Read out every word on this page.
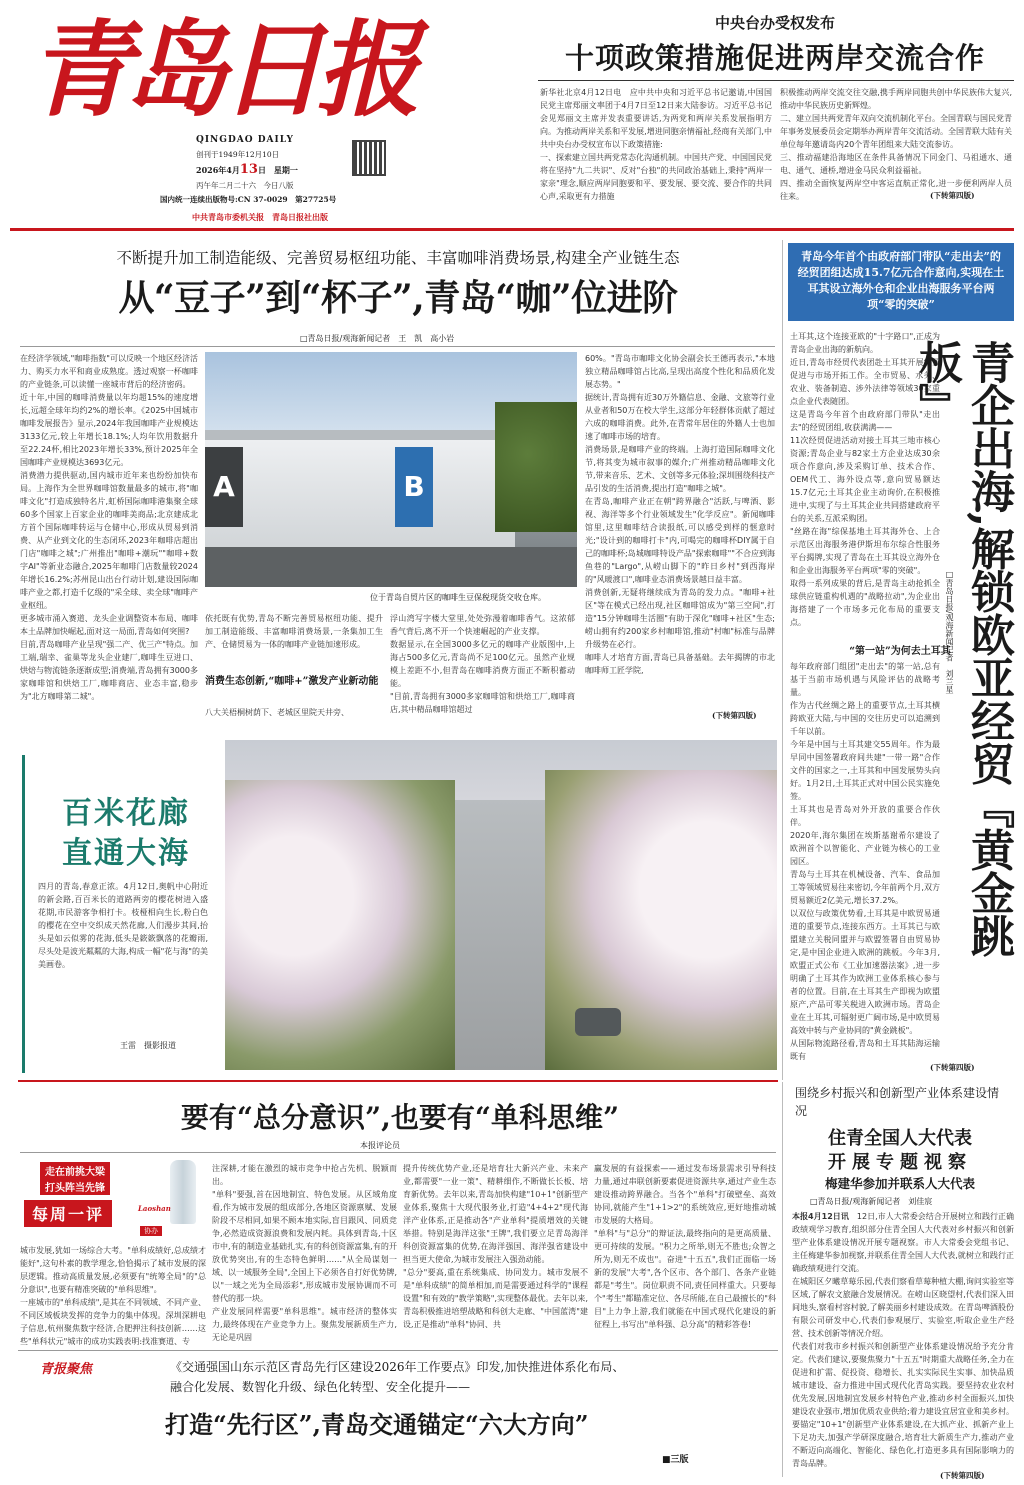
青岛日报
QINGDAO DAILY
创刊于1949年12月10日
2026年4月13日　星期一
丙午年二月二十六　今日八版
国内统一连续出版物号:CN 37-0029　第27725号
中共青岛市委机关报　青岛日报社出版
中央台办受权发布
十项政策措施促进两岸交流合作
新华社北京4月12日电　应中共中央和习近平总书记邀请,中国国民党主席郑丽文率团于4月7日至12日来大陆参访。习近平总书记会见郑丽文主席并发表重要讲话,为两党和两岸关系发展指明方向。为推动两岸关系和平发展,增进同胞亲情福祉,经商有关部门,中共中央台办受权宣布以下政策措施:
一、探索建立国共两党常态化沟通机制。中国共产党、中国国民党将在坚持"九二共识"、反对"台独"的共同政治基础上,秉持"两岸一家亲"理念,顺应两岸同胞要和平、要发展、要交流、要合作的共同心声,采取更有力措施
积极推动两岸交流交往交融,携手两岸同胞共创中华民族伟大复兴,推动中华民族历史新辉煌。
二、建立国共两党青年双向交流机制化平台。全国青联与国民党青年事务发展委员会定期举办两岸青年交流活动。全国青联大陆有关单位每年邀请岛内20个青年团组来大陆交流参访。
三、推动福建沿海地区在条件具备情况下同金门、马祖通水、通电、通气、通桥,增进金马民众利益福祉。
四、推动全面恢复两岸空中客运直航正常化,进一步便利两岸人员往来。	(下转第四版)
不断提升加工制造能级、完善贸易枢纽功能、丰富咖啡消费场景,构建全产业链生态
从“豆子”到“杯子”,青岛“咖”位进阶
□青岛日报/观海新闻记者　王　凯　高小岩
在经济学领域,"咖啡指数"可以反映一个地区经济活力、购买力水平和商业成熟度。透过观察一杯咖啡的产业链条,可以读懂一座城市背后的经济密码。
近十年,中国的咖啡消费量以年均超15%的速度增长,远超全球年均约2%的增长率。《2025中国城市咖啡发展报告》显示,2024年我国咖啡产业规模达3133亿元,较上年增长18.1%;人均年饮用数据升至22.24杯,相比2023年增长33%,预计2025年全国咖啡产业规模达3693亿元。
消费潜力提供驱动,国内城市近年来也纷纷加快布局。上海作为全世界咖啡馆数量最多的城市,将"咖啡文化"打造成独特名片,虹桥国际咖啡港集聚全球60多个国家上百家企业的咖啡美商品;北京建成北方首个国际咖啡转运与仓储中心,形成从贸易到消费、从产业到文化的生态闭环,2023年咖啡店超出门店"咖啡之城";广州推出"咖啡+潮玩""咖啡+数字AI"等新业态融合,2025年咖啡门店数量较2024年增长16.2%;苏州昆山出台行动计划,建设国际咖啡产业之都,打造千亿级的"采全球、卖全球"咖啡产业枢纽。
更多城市涌入赛道、龙头企业调整资本布局、咖啡本土品牌加快崛起,面对这一局面,青岛如何突围?
目前,青岛咖啡产业呈现"强二产、优三产"特点。加工端,瑞幸、雀巢等龙头企业建厂,咖啡生豆进口、烘焙与物流链条逐渐成型;消费端,青岛拥有3000多家咖啡馆和烘焙工厂,咖啡商店、业态丰富,稳步为"北方咖啡第二城"。
A	B
位于青岛自贸片区的咖啡生豆保税现货交收仓库。
依托既有优势,青岛不断完善贸易枢纽功能、提升加工制造能级、丰富咖啡消费场景,一条集加工生产、仓储贸易为一体的咖啡产业链加速形成。
消费生态创新,“咖啡+”激发产业新动能
八大关梧桐树荫下、老城区里院天井旁、
浮山湾写字楼大堂里,处处弥漫着咖啡香气。这浓郁香气背后,离不开一个快速崛起的产业支撑。
数据显示,在全国3000多亿元的咖啡产业版图中,上海占500多亿元,青岛尚不足100亿元。虽然产业规模上差距不小,但青岛在咖啡消费方面正不断积蓄动能。
"目前,青岛拥有3000多家咖啡馆和烘焙工厂,咖啡商店,其中精品咖啡馆超过
60%。"青岛市咖啡文化协会副会长王德再表示,"本地独立精品咖啡馆占比高,呈现出高度个性化和品质化发展态势。"
据统计,青岛拥有近30万外籍信息、金融、文旅等行业从业者和50万在校大学生,这部分年轻群体贡献了超过六成的咖啡消费。此外,在青常年居住的外籍人士也加速了咖啡市场的培育。
消费场景,是咖啡产业的终端。上海打造国际咖啡文化节,将其变为城市叙事的媒介;广州推动精品咖啡文化节,带来音乐、艺术、文创等多元体验;深圳围绕科技产品引发的生活消费,提出打造"咖啡之城"。
在青岛,咖啡产业正在朝"跨界融合"活跃,与啤酒、影视、海洋等多个行业领域发生"化学反应"。新闻咖啡馆里,这里咖啡结合读报纸,可以感受到样的惬意时光;"设计到的咖啡打卡"内,可喝完的咖啡杯DIY属于自己的咖啡杯;岛城咖啡特设产品"探索咖啡""不合应到海鱼巷的"Largo",从崂山脚下的"昨日乡村"到西海岸的"风暖渡口",咖啡业态消费场景越日益丰富。
消费创新,无疑将继续成为青岛的发力点。"咖啡+社区"等在模式已经出现,社区咖啡馆成为"第三空间",打造"15分钟咖啡生活圈"有助于深化"咖啡+社区"生态;崂山拥有约200家乡村咖啡馆,推动"村咖"标准与品牌升级势在必行。
咖啡人才培育方面,青岛已具备基础。去年揭牌的市北咖啡师工匠学院,
(下转第四版)
青岛今年首个由政府部门带队“走出去”的经贸团组达成15.7亿元合作意向,实现在土耳其设立海外仓和企业出海服务平台两项“零的突破”
土耳其,这个连接亚欧的"十字路口",正成为青岛企业出海的新航向。
近日,青岛市经贸代表团赴土耳其开展经贸促进与市场开拓工作。全市贸易、水务、农业、装备制造、涉外法律等领域30家重点企业代表随团。
这是青岛今年首个由政府部门带队"走出去"的经贸团组,收获满满——
11次经贸促进活动对接土耳其三地市核心资源;青岛企业与82家土方企业达成30余项合作意向,涉及采购订单、技术合作、OEM代工、海外设点等,意向贸易额达15.7亿元;土耳其企业主动询价,在积极推进中,实现了与土耳其企业共同搭建政府平台的关系,互派采购团。
"丝路在海"综保基地土耳其海外仓、上合示范区出海服务港伊斯坦布尔综合性服务平台揭牌,实现了青岛在土耳其设立海外仓和企业出海服务平台两项"零的突破"。
取得一系列成果的背后,是青岛主动抢抓全球供应链重构机遇的"战略拉动",为企业出海搭建了一个市场多元化布局的重要支点。	青企出海,解锁欧亚经贸『黄金跳板』
□青岛日报/观海新闻记者　刘兰星
“第一站”为何去土耳其
每年政府部门组团"走出去"的第一站,总有基于当前市场机遇与风险评估的战略考量。
作为古代丝绸之路上的重要节点,土耳其横跨欧亚大陆,与中国的交往历史可以追溯到千年以前。
今年是中国与土耳其建交55周年。作为最早同中国签署政府间共建"一带一路"合作文件的国家之一,土耳其和中国发展势头向好。1月2日,土耳其正式对中国公民实施免签。
土耳其也是青岛对外开放的重要合作伙伴。
2020年,海尔集团在埃斯基谢希尔建设了欧洲首个以智能化、产业链为核心的工业园区。
青岛与土耳其在机械设备、汽车、食品加工等领域贸易往来密切,今年前两个月,双方贸易额近2亿美元,增长37.2%。
以双位与政策优势看,土耳其是中欧贸易通道的重要节点,连接东西方。土耳其已与欧盟建立关税同盟并与欧盟签署自由贸易协定,是中国企业进入欧洲的跳板。今年3月,欧盟正式公布《工业加速器法案》,进一步明确了土耳其作为欧洲工业体系核心参与者的位置。目前,在土耳其生产即视为欧盟原产,产品可零关税进入欧洲市场。青岛企业在土耳其,可辐射更广阔市场,是中欧贸易高效中转与产业协同的"黄金跳板"。
从国际物流路径看,青岛和土耳其陆海运输既有
(下转第四版)
百米花廊
直通大海
四月的青岛,春意正浓。4月12日,奥帆中心附近的新会路,百百米长的道路两旁的樱花树进入盛花期,市民游客争相打卡。枝桠相向生长,粉白色的樱花在空中交织成天然花廊,人们漫步其间,抬头是如云似雾的花海,低头是簌簌飘落的花瓣雨,尽头处是波光粼粼的大海,构成一幅"花与海"的美美画卷。
王雷　摄影报道
要有“总分意识”,也要有“单科思维”
本报评论员
走在前挑大梁
打头阵当先锋
每周一评	Laoshan
协办
城市发展,犹如一场综合大考。"单科成绩好,总成绩才能好",这句朴素的教学理念,恰恰揭示了城市发展的深层逻辑。推动高质量发展,必须要有"统筹全局"的"总分意识",也要有精准突破的"单科思维"。
一座城市的"单科成绩",是其在不同领域、不同产业、不同区域板块发挥的竞争力的集中体现。深圳深耕电子信息,杭州聚焦数字经济,合肥押注科技创新……这些"单科状元"城市的成功实践表明:找准赛道、专
注深耕,才能在激烈的城市竞争中抢占先机、脱颖而出。
"单科"要强,首在因地制宜、特色发展。从区域角度看,作为城市发展的组成部分,各地区资源禀赋、发展阶段不尽相同,如果不顾本地实际,盲目跟风、同质竞争,必然造成资源浪费和发展内耗。具体到青岛,十区市中,有的制造业基础扎实,有的科创资源富集,有的开放优势突出,有的生态特色鲜明……"从全局谋划一域、以一域服务全局",全国上下必须各自打好优势牌,以"一域之光为全局添彩",形成城市发展协调而不可替代的那一块。
产业发展同样需要"单科思维"。城市经济的整体实力,最终体现在产业竞争力上。聚焦发展新质生产力,无论是巩固
提升传统优势产业,还是培育壮大新兴产业、未来产业,都需要"一业一策"、精耕细作,不断做长长板、培育新优势。去年以来,青岛加快构建"10+1"创新型产业体系,聚焦十大现代服务业,打造"4+4+2"现代海洋产业体系,正是推动各"产业单科"提质增效的关键举措。特别是海洋这张"王牌",我们要立足青岛海洋科创资源富集的优势,在海洋强国、海洋强省建设中担当更大使命,为城市发展注入强劲动能。
"总分"要高,重在系统集成、协同发力。城市发展不是"单科成绩"的简单相加,而是需要通过科学的"课程设置"和有效的"教学策略",实现整体最优。去年以来,青岛积极推进培塑战略和科创大走廊、"中国蓝湾"建设,正是推动"单科"协同、共
赢发展的有益探索——通过发布场景需求引导科技力量,通过串联创新要素促进资源共享,通过产业生态建设推动跨界融合。当各个"单科"打破壁垒、高效协同,就能产生"1+1>2"的系统效应,更好地推动城市发展的大格局。
"单科"与"总分"的辩证法,最终指向的是更高质量、更可持续的发展。"积力之所举,则无不胜也;众智之所为,则无不成也"。奋进"十五五",我们正面临一场新的发展"大考",各个区市、各个部门、各条产业链都是"考生"。岗位职责不同,责任同样重大。只要每个"考生"都瞄准定位、各尽所能,在自己最擅长的"科目"上力争上游,我们就能在中国式现代化建设的新征程上,书写出"单科强、总分高"的精彩答卷!
围绕乡村振兴和创新型产业体系建设情况
住青全国人大代表
开展专题视察
梅建华参加并联系人大代表
□青岛日报/观海新闻记者　刘佳宸
本报4月12日讯　 12日,市人大常委会结合开展树立和践行正确政绩观学习教育,组织部分住青全国人大代表对乡村振兴和创新型产业体系建设情况开展专题视察。市人大常委会党组书记、主任梅建华参加视察,并联系住青全国人大代表,就树立和践行正确政绩观进行交流。
在城阳区夕曦草莓乐园,代表们察看草莓种植大棚,询问实验室等区域,了解农文旅融合发展情况。在崂山区晓望村,代表们深入田间地头,察看村容村貌,了解美丽乡村建设成效。在青岛啤酒股份有限公司研发中心,代表们参观展厅、实验室,听取企业生产经营、技术创新等情况介绍。
代表们对我市乡村振兴和创新型产业体系建设情况给予充分肯定。代表们建议,要聚焦聚力"十五五"时期重大战略任务,全力在促进和扩需、促投资、稳增长、扎实实际民生实事、加快品质城市建设、奋力推进中国式现代化青岛实践。要坚持农业农村优先发展,因地制宜发展乡村特色产业,推动乡村全面振兴,加快建设农业强市,增加优质农业供给;着力建设宜居宜业和美乡村。要锚定"10+1"创新型产业体系建设,在大抓产业、抓新产业上下足功夫,加强产学研深度融合,培育壮大新质生产力,推动产业不断迈向高端化、智能化、绿色化,打造更多具有国际影响力的青岛品牌。
(下转第四版)
青报聚焦	《交通强国山东示范区青岛先行区建设2026年工作要点》印发,加快推进体系化布局、
融合化发展、数智化升级、绿色化转型、安全化提升——
打造“先行区”,青岛交通锚定“六大方向”
■三版
